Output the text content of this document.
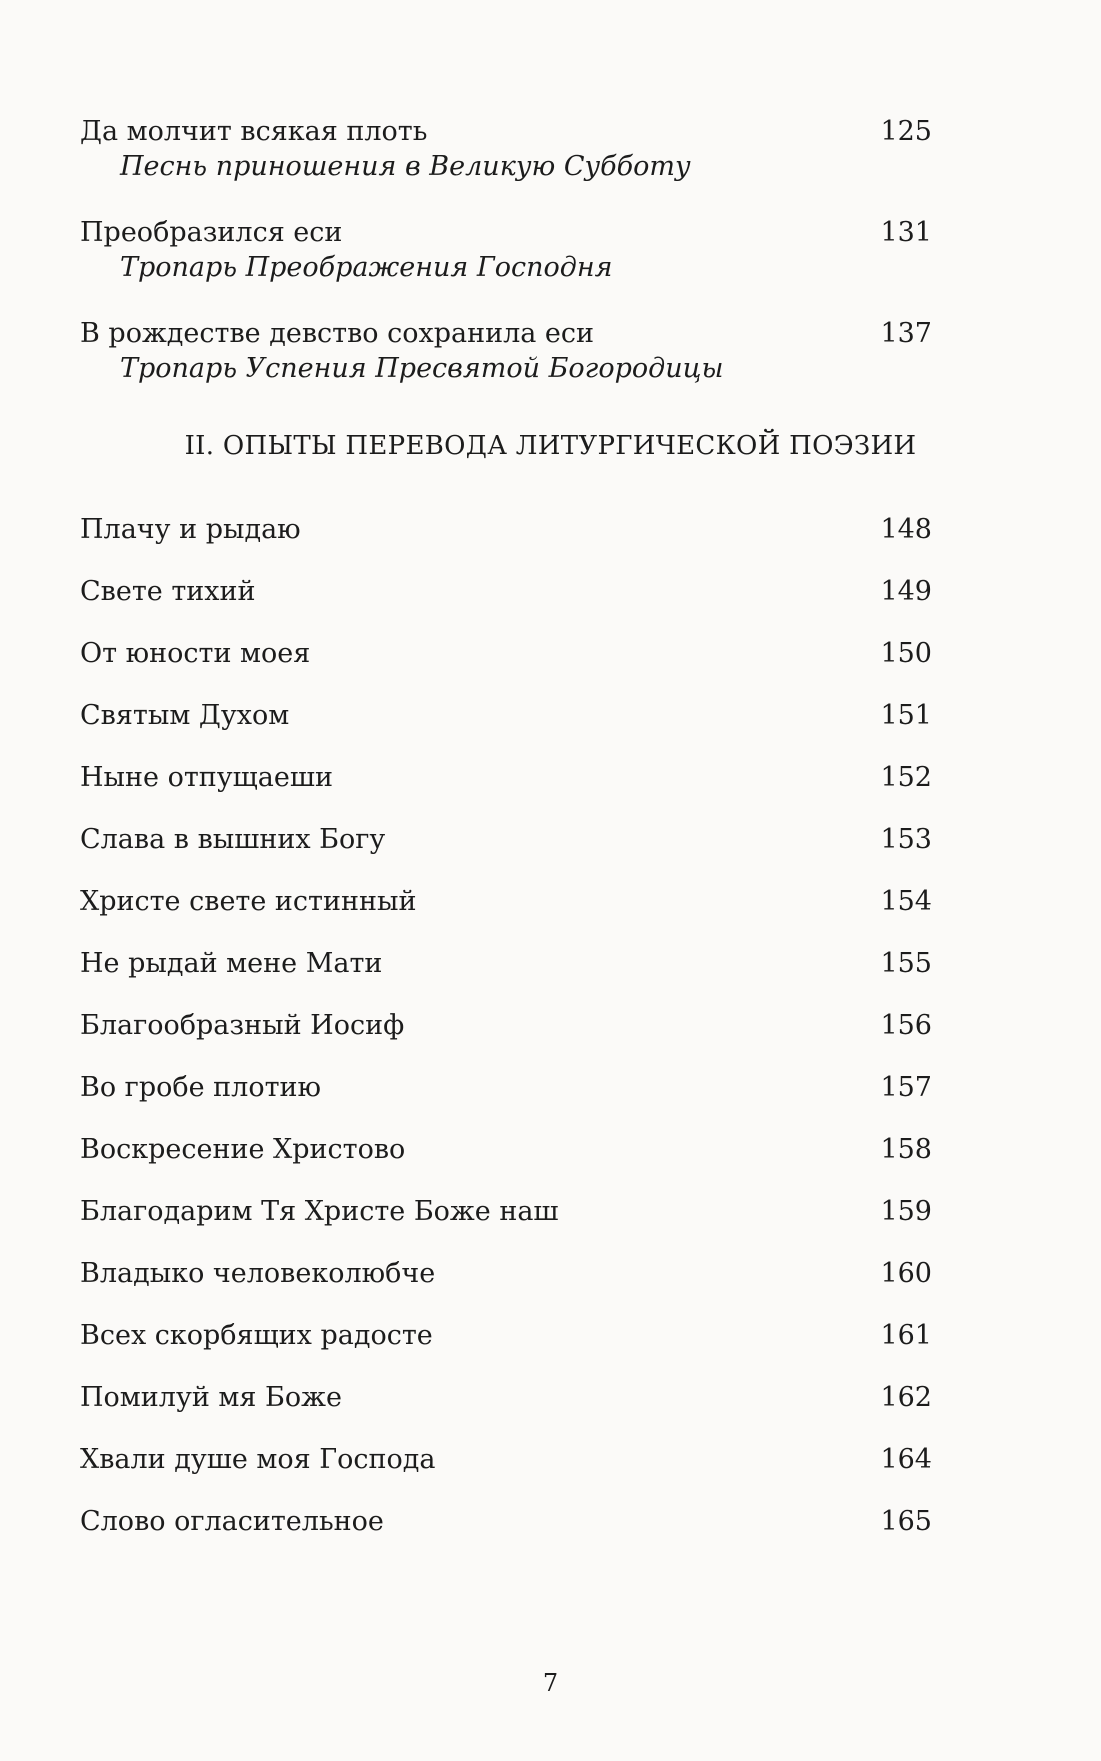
Да молчит всякая плоть	125
Песнь приношения в Великую Субботу
Преобразился еси	131
Тропарь Преображения Господня
В рождестве девство сохранила еси	137
Тропарь Успения Пресвятой Богородицы
II. ОПЫТЫ ПЕРЕВОДА ЛИТУРГИЧЕСКОЙ ПОЭЗИИ
Плачу и рыдаю	148
Свете тихий	149
От юности моея	150
Святым Духом	151
Ныне отпущаеши	152
Слава в вышних Богу	153
Христе свете истинный	154
Не рыдай мене Мати	155
Благообразный Иосиф	156
Во гробе плотию	157
Воскресение Христово	158
Благодарим Тя Христе Боже наш	159
Владыко человеколюбче	160
Всех скорбящих радосте	161
Помилуй мя Боже	162
Хвали душе моя Господа	164
Слово огласительное	165
7
